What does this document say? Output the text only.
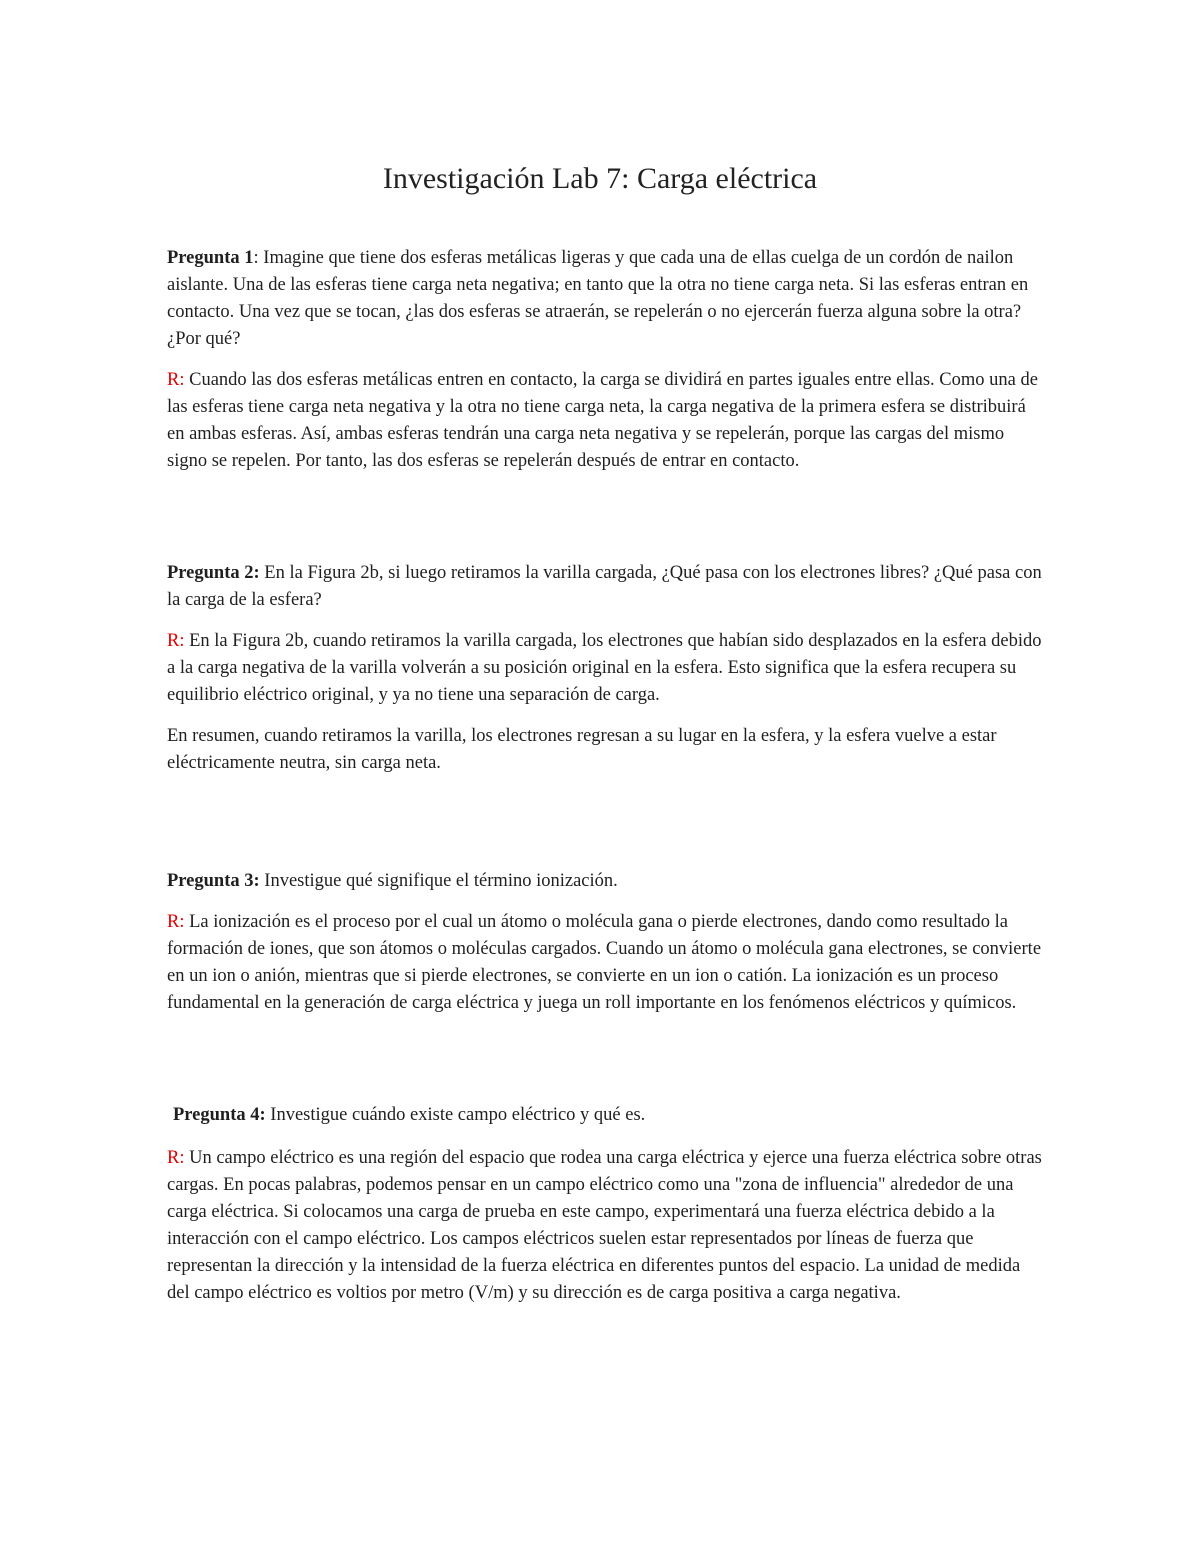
Investigación Lab 7: Carga eléctrica

Pregunta 1: Imagine que tiene dos esferas metálicas ligeras y que cada una de ellas cuelga de un cordón de nailon aislante. Una de las esferas tiene carga neta negativa; en tanto que la otra no tiene carga neta. Si las esferas entran en contacto. Una vez que se tocan, ¿las dos esferas se atraerán, se repelerán o no ejercerán fuerza alguna sobre la otra? ¿Por qué?

R: Cuando las dos esferas metálicas entren en contacto, la carga se dividirá en partes iguales entre ellas. Como una de las esferas tiene carga neta negativa y la otra no tiene carga neta, la carga negativa de la primera esfera se distribuirá en ambas esferas. Así, ambas esferas tendrán una carga neta negativa y se repelerán, porque las cargas del mismo signo se repelen. Por tanto, las dos esferas se repelerán después de entrar en contacto.

Pregunta 2: En la Figura 2b, si luego retiramos la varilla cargada, ¿Qué pasa con los electrones libres? ¿Qué pasa con la carga de la esfera?

R: En la Figura 2b, cuando retiramos la varilla cargada, los electrones que habían sido desplazados en la esfera debido a la carga negativa de la varilla volverán a su posición original en la esfera. Esto significa que la esfera recupera su equilibrio eléctrico original, y ya no tiene una separación de carga.

En resumen, cuando retiramos la varilla, los electrones regresan a su lugar en la esfera, y la esfera vuelve a estar eléctricamente neutra, sin carga neta.

Pregunta 3: Investigue qué signifique el término ionización.

R: La ionización es el proceso por el cual un átomo o molécula gana o pierde electrones, dando como resultado la formación de iones, que son átomos o moléculas cargados. Cuando un átomo o molécula gana electrones, se convierte en un ion o anión, mientras que si pierde electrones, se convierte en un ion o catión. La ionización es un proceso fundamental en la generación de carga eléctrica y juega un roll importante en los fenómenos eléctricos y químicos.

Pregunta 4: Investigue cuándo existe campo eléctrico y qué es.

R: Un campo eléctrico es una región del espacio que rodea una carga eléctrica y ejerce una fuerza eléctrica sobre otras cargas. En pocas palabras, podemos pensar en un campo eléctrico como una "zona de influencia" alrededor de una carga eléctrica. Si colocamos una carga de prueba en este campo, experimentará una fuerza eléctrica debido a la interacción con el campo eléctrico. Los campos eléctricos suelen estar representados por líneas de fuerza que representan la dirección y la intensidad de la fuerza eléctrica en diferentes puntos del espacio. La unidad de medida del campo eléctrico es voltios por metro (V/m) y su dirección es de carga positiva a carga negativa.
